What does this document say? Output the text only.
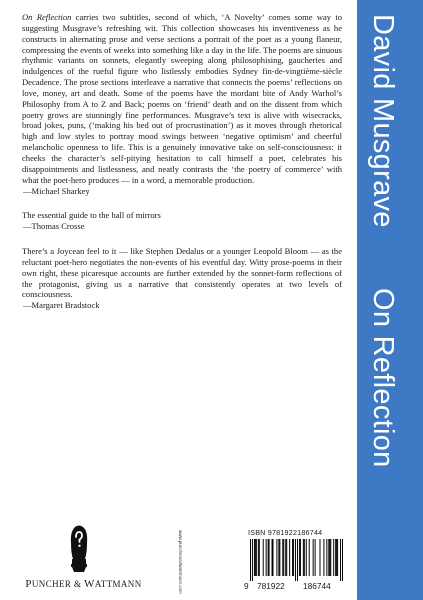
On Reflection carries two subtitles, second of which, ‘A Novelty’ comes some way to suggesting Musgrave’s refreshing wit. This collection showcases his inventiveness as he constructs in alternating prose and verse sections a portrait of the poet as a young flaneur, compressing the events of weeks into something like a day in the life. The poems are sinuous rhythmic variants on sonnets, elegantly sweeping along philosophising, gaucheries and indulgences of the rueful figure who listlessly embodies Sydney fin-de-vingtième-siècle Decadence. The prose sections interleave a narrative that connects the poems’ reflections on love, money, art and death. Some of the poems have the mordant bite of Andy Warhol’s Philosophy from A to Z and Back; poems on ‘friend’ death and on the dissent from which poetry grows are stunningly fine performances. Musgrave’s text is alive with wisecracks, broad jokes, puns, (‘making his bed out of procrustination’) as it moves through rhetorical high and low styles to portray mood swings between ‘negative optimism’ and cheerful melancholic openness to life. This is a genuinely innovative take on self-consciousness: it cheeks the character’s self-pitying hesitation to call himself a poet, celebrates his disappointments and listlessness, and neatly contrasts the ‘the poetry of commerce’ with what the poet-hero produces — in a word, a memorable production.

—Michael Sharkey

The essential guide to the hall of mirrors

—Thomas Crosse

There’s a Joycean feel to it — like Stephen Dedalus or a younger Leopold Bloom — as the reluctant poet-hero negotiates the non-events of his eventful day. Witty prose-poems in their own right, these picaresque accounts are further extended by the sonnet-form reflections of the protagonist, giving us a narrative that consistently operates at two levels of consciousness.

—Margaret Bradstock

PUNCHER & WATTMANN	www.puncherandwattmann.com	ISBN 9781922186744
9 781922 186744
David Musgrave
On Reflection
